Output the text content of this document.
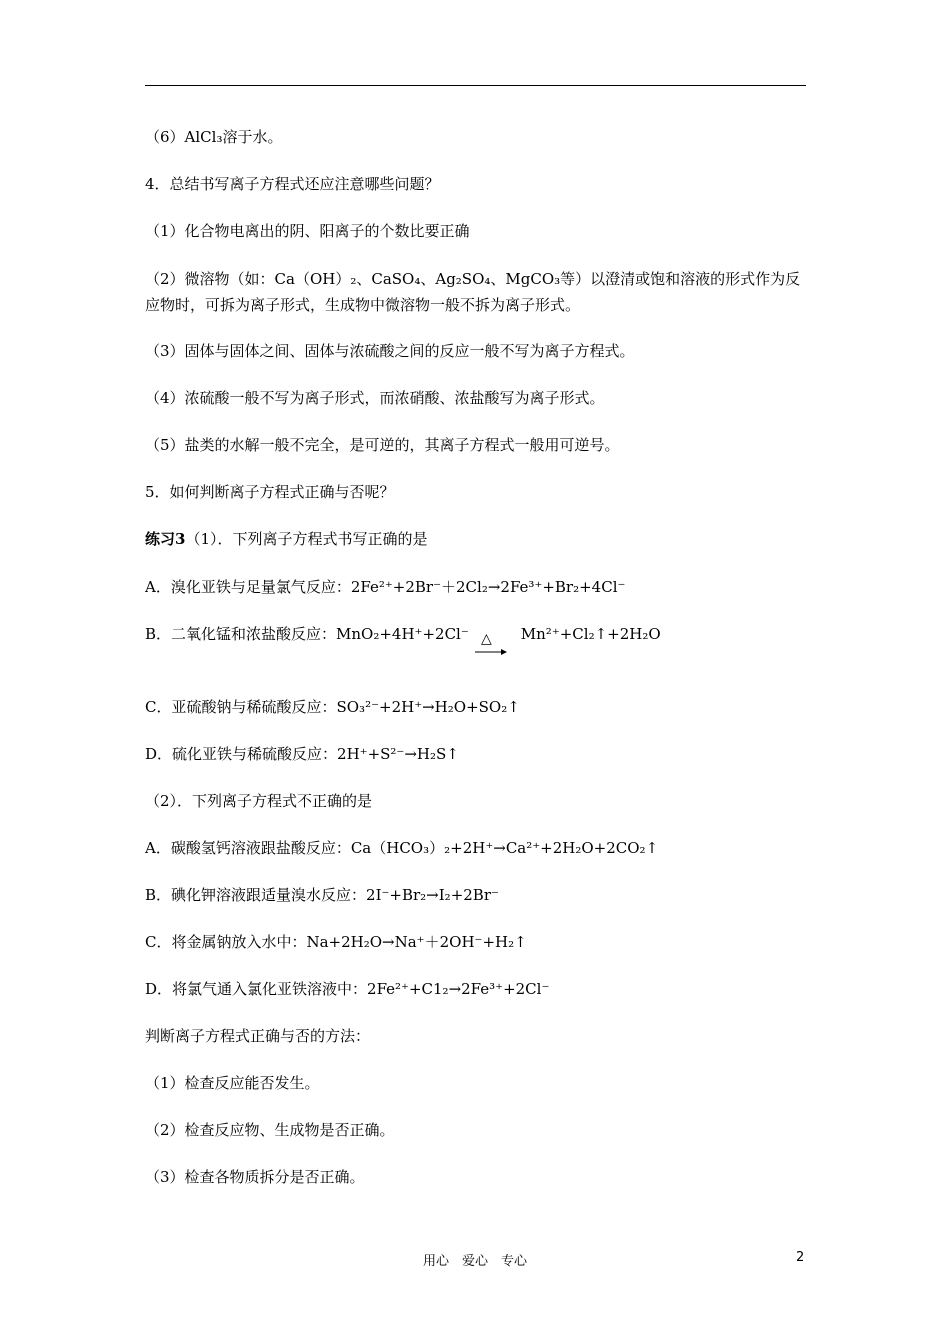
（6）AlCl₃溶于水。
4．总结书写离子方程式还应注意哪些问题？
（1）化合物电离出的阴、阳离子的个数比要正确
（2）微溶物（如：Ca（OH）₂、CaSO₄、Ag₂SO₄、MgCO₃等）以澄清或饱和溶液的形式作为反应物时，可拆为离子形式，生成物中微溶物一般不拆为离子形式。
（3）固体与固体之间、固体与浓硫酸之间的反应一般不写为离子方程式。
（4）浓硫酸一般不写为离子形式，而浓硝酸、浓盐酸写为离子形式。
（5）盐类的水解一般不完全，是可逆的，其离子方程式一般用可逆号。
5．如何判断离子方程式正确与否呢？
练习3（1）．下列离子方程式书写正确的是
A．溴化亚铁与足量氯气反应：2Fe²⁺+2Br⁻＋2Cl₂→2Fe³⁺+Br₂+4Cl⁻
B．二氧化锰和浓盐酸反应：MnO₂+4H⁺+2Cl⁻	Mn²⁺+Cl₂↑+2H₂O
△
C．亚硫酸钠与稀硫酸反应：SO₃²⁻+2H⁺→H₂O+SO₂↑
D．硫化亚铁与稀硫酸反应：2H⁺+S²⁻→H₂S↑
（2）．下列离子方程式不正确的是
A．碳酸氢钙溶液跟盐酸反应：Ca（HCO₃）₂+2H⁺→Ca²⁺+2H₂O+2CO₂↑
B．碘化钾溶液跟适量溴水反应：2I⁻+Br₂→I₂+2Br⁻
C．将金属钠放入水中：Na+2H₂O→Na⁺＋2OH⁻+H₂↑
D．将氯气通入氯化亚铁溶液中：2Fe²⁺+C1₂→2Fe³⁺+2Cl⁻
判断离子方程式正确与否的方法：
（1）检查反应能否发生。
（2）检查反应物、生成物是否正确。
（3）检查各物质拆分是否正确。
用心　爱心　专心	2
